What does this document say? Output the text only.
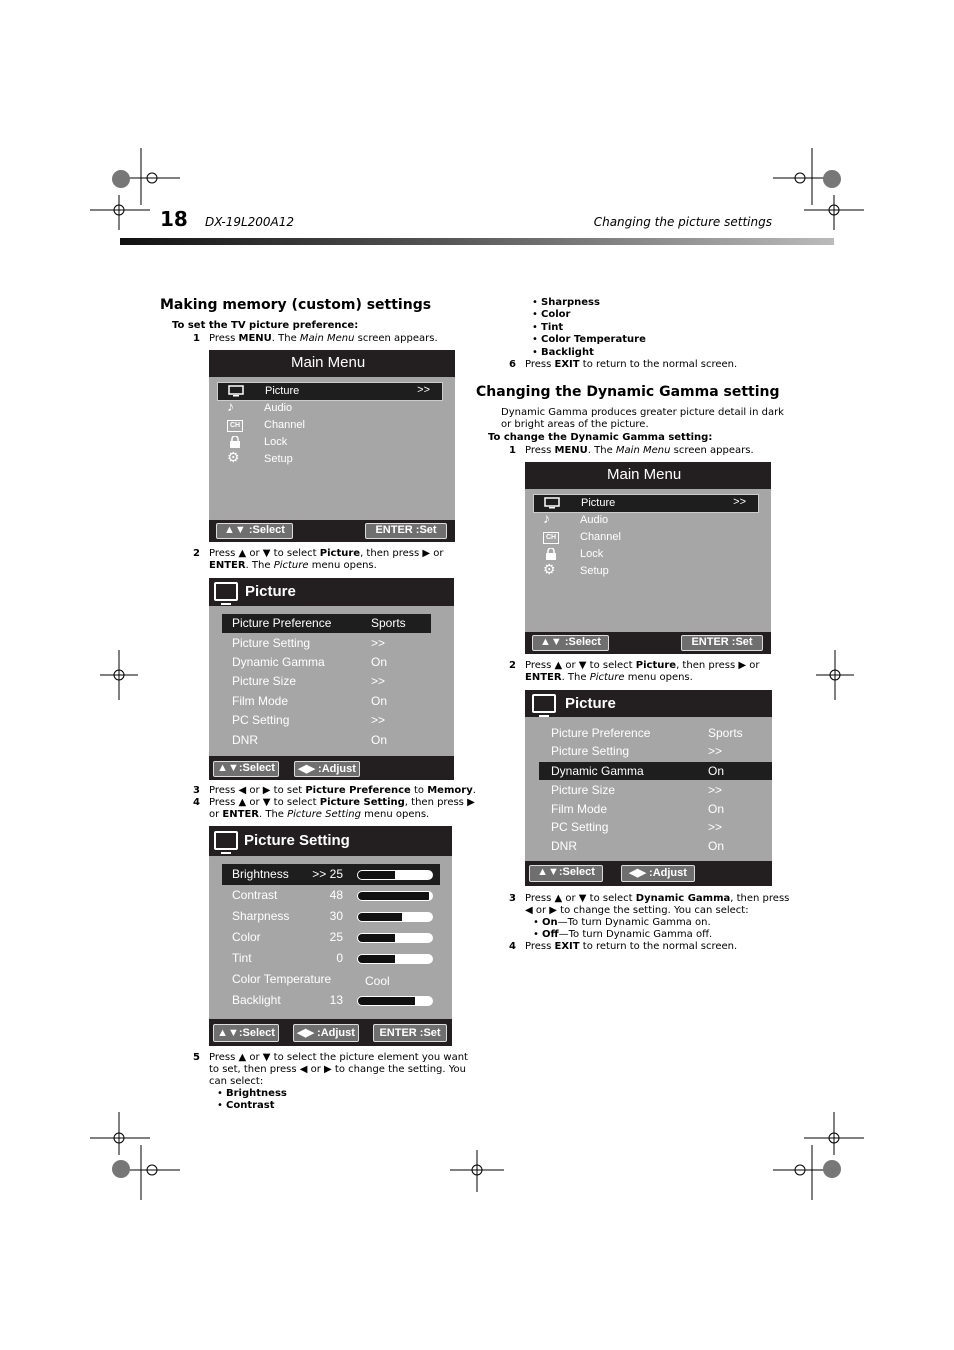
18 DX-19L200A12	Changing the picture settings
Making memory (custom) settings
To set the TV picture preference:
1 Press MENU. The Main Menu screen appears.
Main Menu
Picture	>>
♪	Audio
CH Channel
Lock
⚙	Setup
▲▼ :Select	ENTER :Set
2 Press ▲ or ▼ to select Picture, then press ▶ or
ENTER. The Picture menu opens.
Picture
Picture Preference	Sports
Picture Setting	>>
Dynamic Gamma	On
Picture Size	>>
Film Mode	On
PC Setting	>>
DNR	On
▲▼:Select	◀▶ :Adjust
3 Press ◀ or ▶ to set Picture Preference to Memory.
4 Press ▲ or ▼ to select Picture Setting, then press ▶
or ENTER. The Picture Setting menu opens.
Picture Setting
Brightness >> 25
Contrast	48
Sharpness	30
Color	25
Tint	0
Color Temperature	Cool
Backlight	13
▲▼:Select	◀▶ :Adjust	ENTER :Set
5 Press ▲ or ▼ to select the picture element you want
to set, then press ◀ or ▶ to change the setting. You
can select:
• Brightness
• Contrast
• Sharpness
• Color
• Tint
• Color Temperature
• Backlight
6 Press EXIT to return to the normal screen.
Changing the Dynamic Gamma setting
Dynamic Gamma produces greater picture detail in dark
or bright areas of the picture.
To change the Dynamic Gamma setting:
1 Press MENU. The Main Menu screen appears.
Main Menu
Picture	>>
♪	Audio
CH Channel
Lock
⚙	Setup
▲▼ :Select	ENTER :Set
2 Press ▲ or ▼ to select Picture, then press ▶ or
ENTER. The Picture menu opens.
Picture
Picture Preference	Sports
Picture Setting	>>
Dynamic Gamma	On
Picture Size	>>
Film Mode	On
PC Setting	>>
DNR	On
▲▼:Select	◀▶ :Adjust
3 Press ▲ or ▼ to select Dynamic Gamma, then press
◀ or ▶ to change the setting. You can select:
• On—To turn Dynamic Gamma on.
• Off—To turn Dynamic Gamma off.
4 Press EXIT to return to the normal screen.
